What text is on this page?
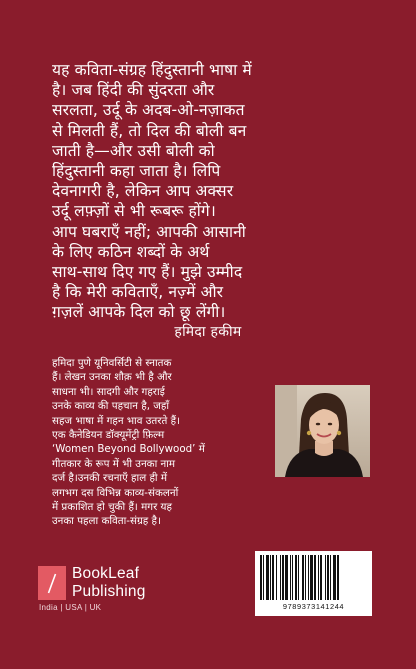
यह कविता-संग्रह हिंदुस्तानी भाषा में
है। जब हिंदी की सुंदरता और
सरलता, उर्दू के अदब-ओ-नज़ाकत
से मिलती हैं, तो दिल की बोली बन
जाती है—और उसी बोली को
हिंदुस्तानी कहा जाता है। लिपि
देवनागरी है, लेकिन आप अक्सर
उर्दू लफ़्ज़ों से भी रूबरू होंगे।
आप घबराएँ नहीं; आपकी आसानी
के लिए कठिन शब्दों के अर्थ
साथ-साथ दिए गए हैं। मुझे उम्मीद
है कि मेरी कविताएँ, नज़्में और
ग़ज़लें आपके दिल को छू लेंगी।

हमिदा हकीम

हमिदा पुणे यूनिवर्सिटी से स्नातक
हैं। लेखन उनका शौक़ भी है और
साधना भी। सादगी और गहराई
उनके काव्य की पहचान है, जहाँ
सहज भाषा में गहन भाव उतरते हैं।
एक कैनेडियन डॉक्यूमेंट्री फ़िल्म
‘Women Beyond Bollywood’ में
गीतकार के रूप में भी उनका नाम
दर्ज है।उनकी रचनाएँ हाल ही में
लगभग दस विभिन्न काव्य-संकलनों
में प्रकाशित हो चुकी हैं। मगर यह
उनका पहला कविता-संग्रह है।

BookLeaf
Publishing
India | USA | UK	9789373141244
